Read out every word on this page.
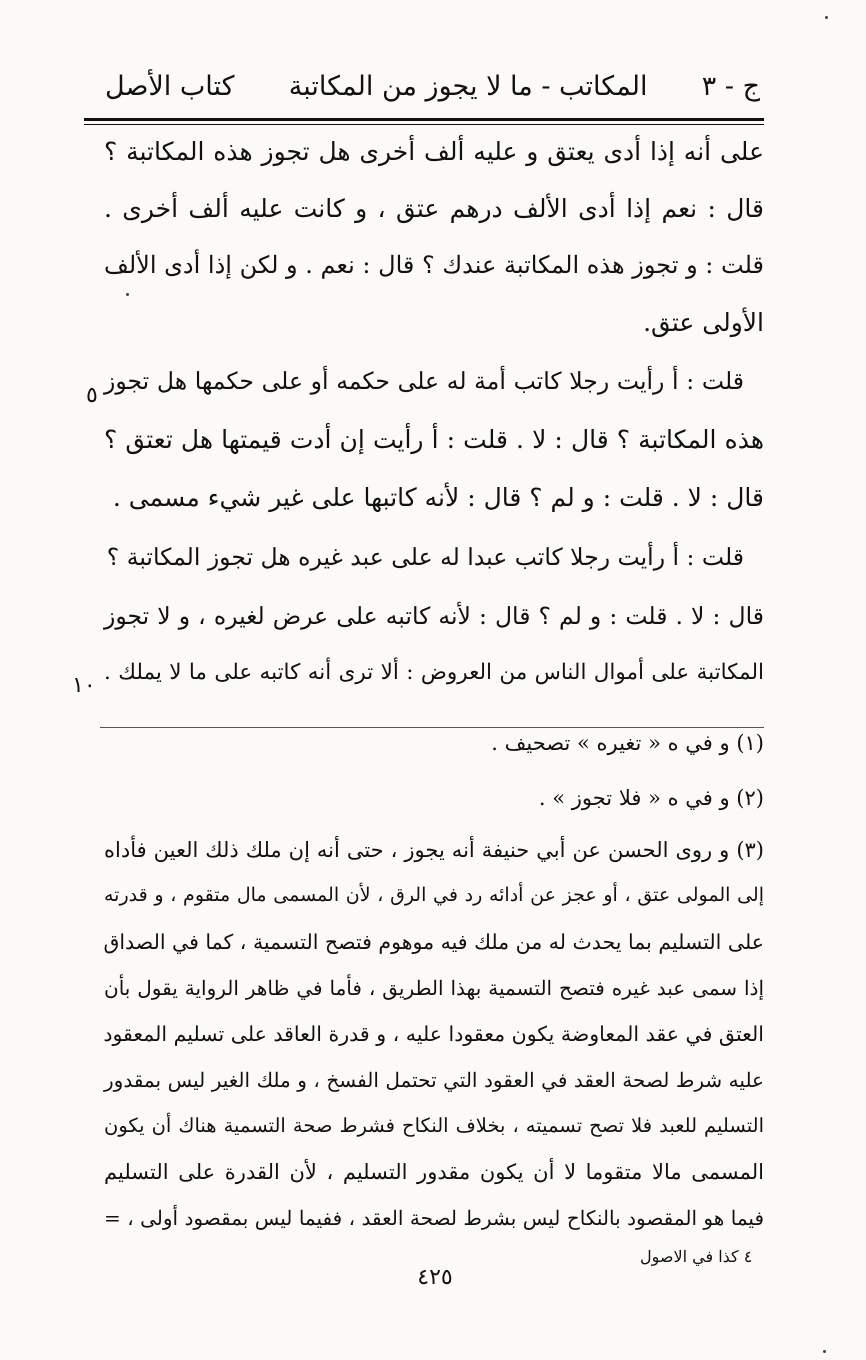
كتاب الأصل المكاتب - ما لا يجوز من المكاتبة ج - ٣
على أنه إذا أدى يعتق و عليه ألف أخرى هل تجوز هذه المكاتبة ؟
قال : نعم إذا أدى الألف درهم عتق ، و كانت عليه ألف أخرى .
قلت : و تجوز هذه المكاتبة عندك ؟ قال : نعم . و لكن إذا أدى الألف
الأولى عتق.
قلت : أ رأيت رجلا كاتب أمة له على حكمه أو على حكمها هل تجوز
هذه المكاتبة ؟ قال : لا . قلت : أ رأيت إن أدت قيمتها هل تعتق ؟
قال : لا . قلت : و لم ؟ قال : لأنه كاتبها على غير شيء مسمى .
قلت : أ رأيت رجلا كاتب عبدا له على عبد غيره هل تجوز المكاتبة ؟
قال : لا . قلت : و لم ؟ قال : لأنه كاتبه على عرض لغيره ، و لا تجوز
المكاتبة على أموال الناس من العروض : ألا ترى أنه كاتبه على ما لا يملك .
٥
١٠
(١) و في ه « تغيره » تصحيف .
(٢) و في ه « فلا تجوز » .
(٣) و روى الحسن عن أبي حنيفة أنه يجوز ، حتى أنه إن ملك ذلك العين فأداه
إلى المولى عتق ، أو عجز عن أدائه رد في الرق ، لأن المسمى مال متقوم ، و قدرته
على التسليم بما يحدث له من ملك فيه موهوم فتصح التسمية ، كما في الصداق
إذا سمى عبد غيره فتصح التسمية بهذا الطريق ، فأما في ظاهر الرواية يقول بأن
العتق في عقد المعاوضة يكون معقودا عليه ، و قدرة العاقد على تسليم المعقود
عليه شرط لصحة العقد في العقود التي تحتمل الفسخ ، و ملك الغير ليس بمقدور
التسليم للعبد فلا تصح تسميته ، بخلاف النكاح فشرط صحة التسمية هناك أن يكون
المسمى مالا متقوما لا أن يكون مقدور التسليم ، لأن القدرة على التسليم
فيما هو المقصود بالنكاح ليس بشرط لصحة العقد ، ففيما ليس بمقصود أولى ، =
٤ كذا في الاصول
٤٢٥
